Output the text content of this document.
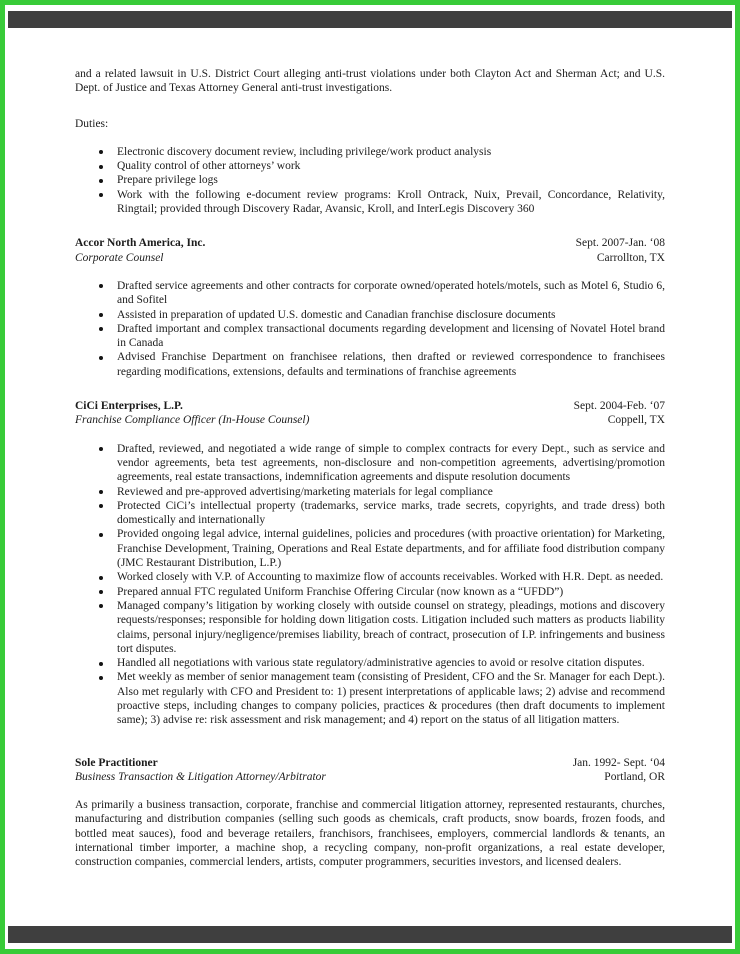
and a related lawsuit in U.S. District Court alleging anti-trust violations under both Clayton Act and Sherman Act; and U.S. Dept. of Justice and Texas Attorney General anti-trust investigations.

Duties:

Electronic discovery document review, including privilege/work product analysis
Quality control of other attorneys’ work
Prepare privilege logs
Work with the following e-document review programs: Kroll Ontrack, Nuix, Prevail, Concordance, Relativity, Ringtail; provided through Discovery Radar, Avansic, Kroll, and InterLegis Discovery 360
Accor North America, Inc.	Sept. 2007-Jan. ‘08
Corporate Counsel	Carrollton, TX
Drafted service agreements and other contracts for corporate owned/operated hotels/motels, such as Motel 6, Studio 6, and Sofitel
Assisted in preparation of updated U.S. domestic and Canadian franchise disclosure documents
Drafted important and complex transactional documents regarding development and licensing of Novatel Hotel brand in Canada
Advised Franchise Department on franchisee relations, then drafted or reviewed correspondence to franchisees regarding modifications, extensions, defaults and terminations of franchise agreements
CiCi Enterprises, L.P.	Sept. 2004-Feb. ‘07
Franchise Compliance Officer (In-House Counsel)	Coppell, TX
Drafted, reviewed, and negotiated a wide range of simple to complex contracts for every Dept., such as service and vendor agreements, beta test agreements, non-disclosure and non-competition agreements, advertising/promotion agreements, real estate transactions, indemnification agreements and dispute resolution documents
Reviewed and pre-approved advertising/marketing materials for legal compliance
Protected CiCi’s intellectual property (trademarks, service marks, trade secrets, copyrights, and trade dress) both domestically and internationally
Provided ongoing legal advice, internal guidelines, policies and procedures (with proactive orientation) for Marketing, Franchise Development, Training, Operations and Real Estate departments, and for affiliate food distribution company (JMC Restaurant Distribution, L.P.)
Worked closely with V.P. of Accounting to maximize flow of accounts receivables. Worked with H.R. Dept. as needed.
Prepared annual FTC regulated Uniform Franchise Offering Circular (now known as a “UFDD”)
Managed company’s litigation by working closely with outside counsel on strategy, pleadings, motions and discovery requests/responses; responsible for holding down litigation costs. Litigation included such matters as products liability claims, personal injury/negligence/premises liability, breach of contract, prosecution of I.P. infringements and business tort disputes.
Handled all negotiations with various state regulatory/administrative agencies to avoid or resolve citation disputes.
Met weekly as member of senior management team (consisting of President, CFO and the Sr. Manager for each Dept.). Also met regularly with CFO and President to: 1) present interpretations of applicable laws; 2) advise and recommend proactive steps, including changes to company policies, practices & procedures (then draft documents to implement same); 3) advise re: risk assessment and risk management; and 4) report on the status of all litigation matters.
Sole Practitioner	Jan. 1992- Sept. ‘04
Business Transaction & Litigation Attorney/Arbitrator	Portland, OR

As primarily a business transaction, corporate, franchise and commercial litigation attorney, represented restaurants, churches, manufacturing and distribution companies (selling such goods as chemicals, craft products, snow boards, frozen foods, and bottled meat sauces), food and beverage retailers, franchisors, franchisees, employers, commercial landlords & tenants, an international timber importer, a machine shop, a recycling company, non-profit organizations, a real estate developer, construction companies, commercial lenders, artists, computer programmers, securities investors, and licensed dealers.
